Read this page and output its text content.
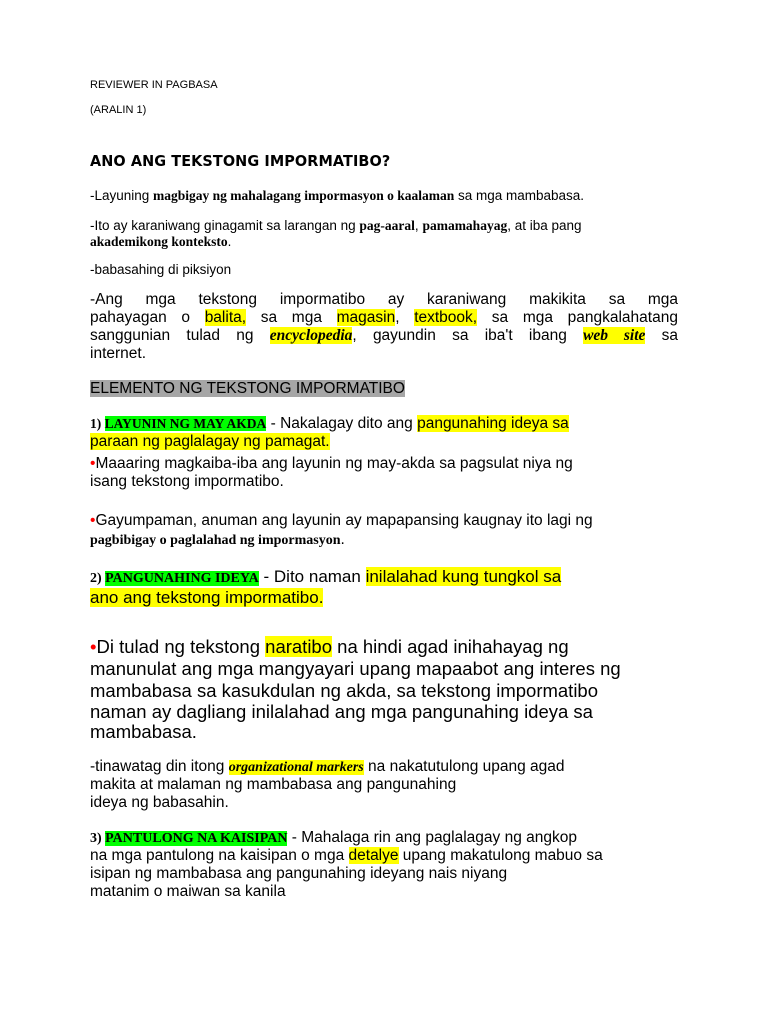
REVIEWER IN PAGBASA
(ARALIN 1)
ANO ANG TEKSTONG IMPORMATIBO?
-Layuning magbigay ng mahalagang impormasyon o kaalaman sa mga mambabasa.
-Ito ay karaniwang ginagamit sa larangan ng pag-aaral, pamamahayag, at iba pang
akademikong konteksto.
-babasahing di piksiyon
-Ang mga tekstong impormatibo ay karaniwang makikita sa mga
pahayagan o balita, sa mga magasin, textbook, sa mga pangkalahatang
sanggunian tulad ng encyclopedia, gayundin sa iba't ibang web site sa
internet.
ELEMENTO NG TEKSTONG IMPORMATIBO
1) LAYUNIN NG MAY AKDA - Nakalagay dito ang pangunahing ideya sa
paraan ng paglalagay ng pamagat.
•Maaaring magkaiba-iba ang layunin ng may-akda sa pagsulat niya ng
isang tekstong impormatibo.
•Gayumpaman, anuman ang layunin ay mapapansing kaugnay ito lagi ng
pagbibigay o paglalahad ng impormasyon.
2) PANGUNAHING IDEYA - Dito naman inilalahad kung tungkol sa
ano ang tekstong impormatibo.
•Di tulad ng tekstong naratibo na hindi agad inihahayag ng
manunulat ang mga mangyayari upang mapaabot ang interes ng
mambabasa sa kasukdulan ng akda, sa tekstong impormatibo
naman ay dagliang inilalahad ang mga pangunahing ideya sa
mambabasa.
-tinawatag din itong organizational markers na nakatutulong upang agad
makita at malaman ng mambabasa ang pangunahing
ideya ng babasahin.
3) PANTULONG NA KAISIPAN - Mahalaga rin ang paglalagay ng angkop
na mga pantulong na kaisipan o mga detalye upang makatulong mabuo sa
isipan ng mambabasa ang pangunahing ideyang nais niyang
matanim o maiwan sa kanila
